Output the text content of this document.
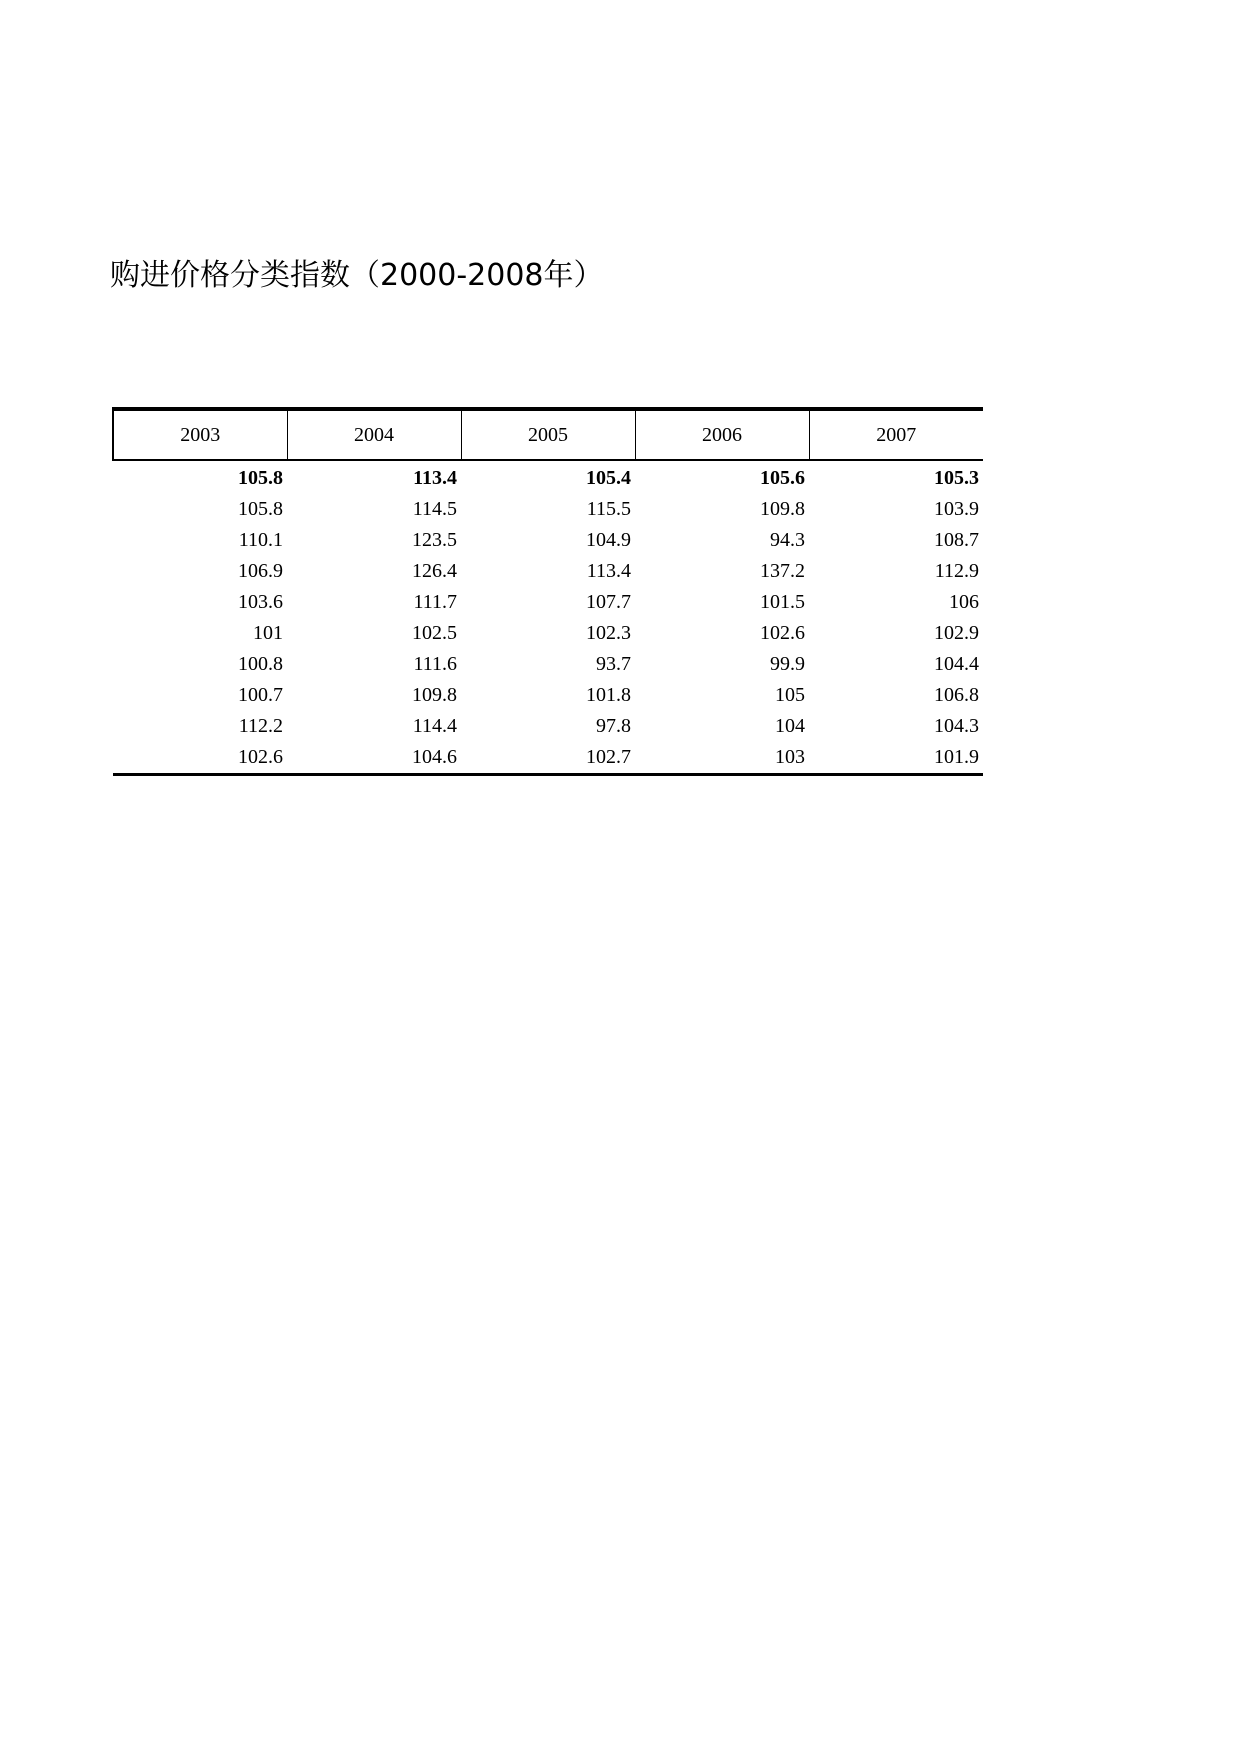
购进价格分类指数（2000-2008年）
2003	2004	2005	2006	2007
105.8	113.4	105.4	105.6	105.3
105.8	114.5	115.5	109.8	103.9
110.1	123.5	104.9	94.3	108.7
106.9	126.4	113.4	137.2	112.9
103.6	111.7	107.7	101.5	106
101	102.5	102.3	102.6	102.9
100.8	111.6	93.7	99.9	104.4
100.7	109.8	101.8	105	106.8
112.2	114.4	97.8	104	104.3
102.6	104.6	102.7	103	101.9
